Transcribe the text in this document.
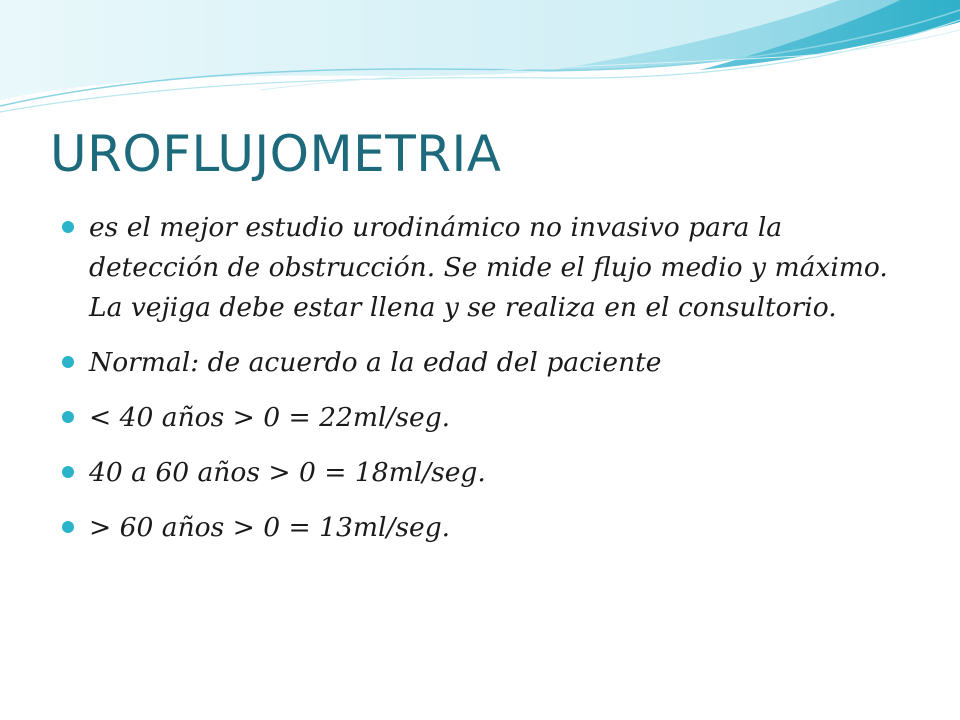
UROFLUJOMETRIA
es el mejor estudio urodinámico no invasivo para la detección de obstrucción. Se mide el flujo medio y máximo. La vejiga debe estar llena y se realiza en el consultorio.
Normal: de acuerdo a la edad del paciente
< 40 años > 0 = 22ml/seg.
40 a 60 años > 0 = 18ml/seg.
> 60 años > 0 = 13ml/seg.
